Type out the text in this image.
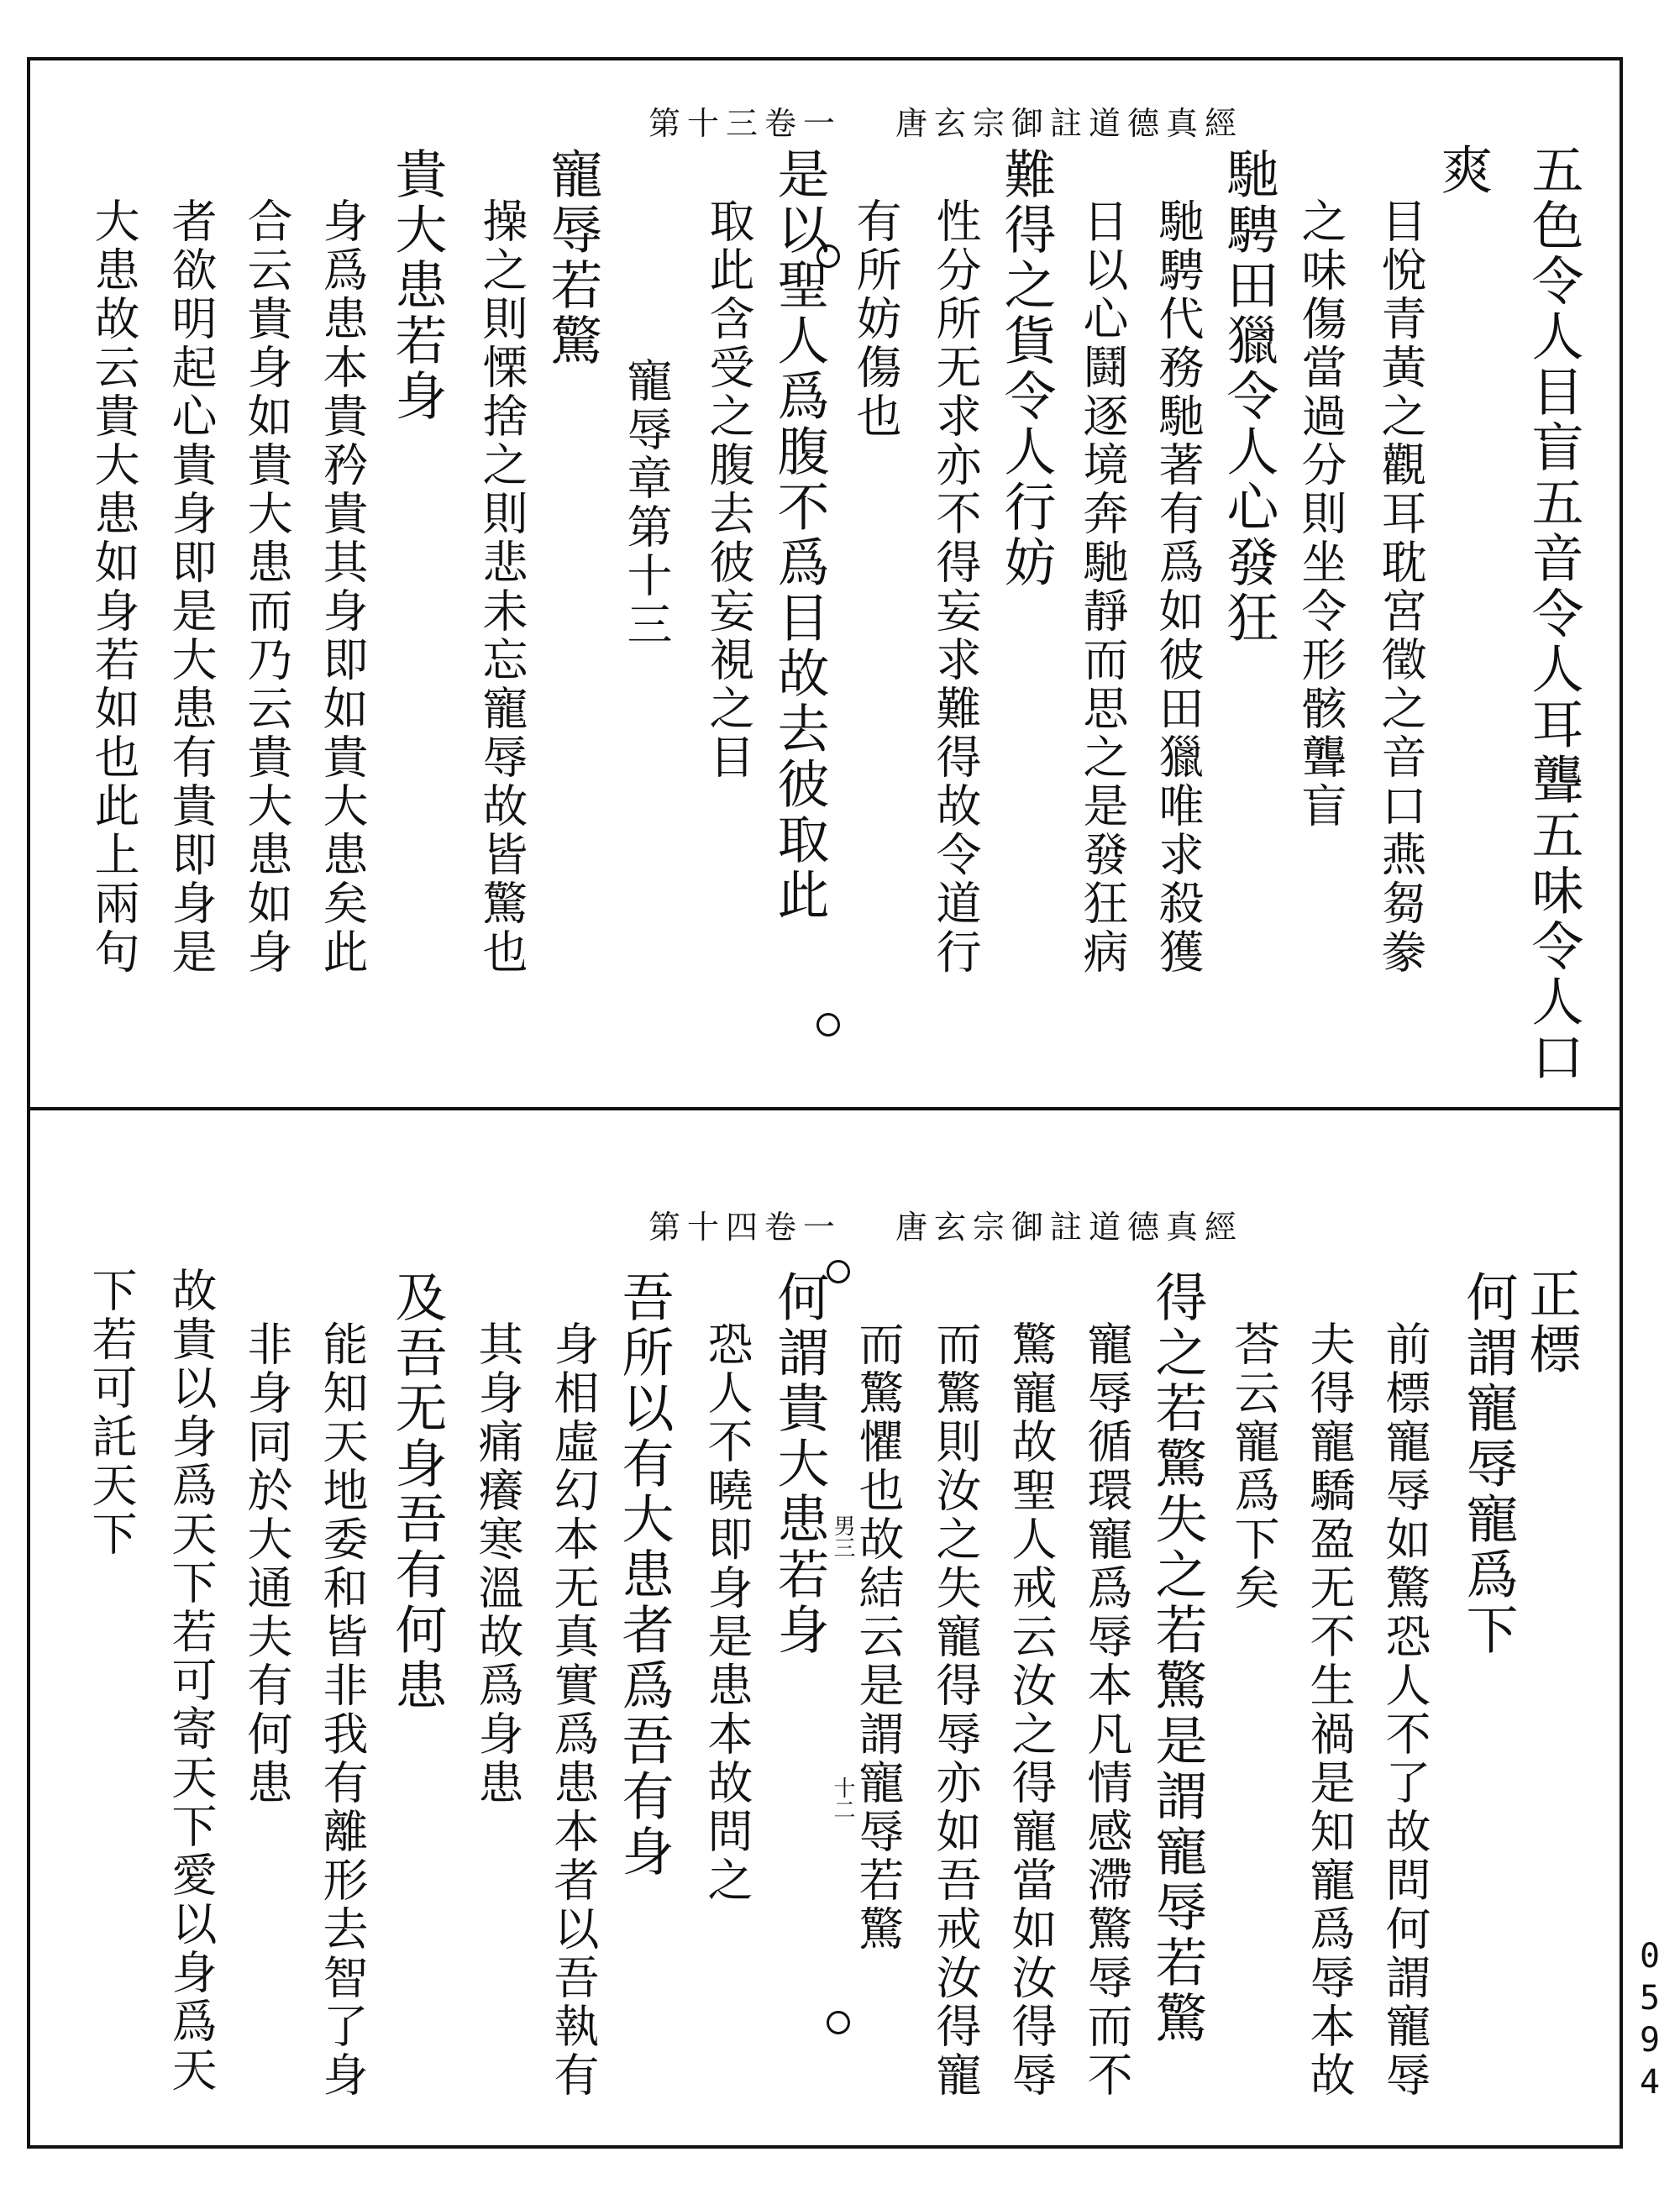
唐玄宗御註道德真經卷一第十三
五色令人目盲五音令人耳聾五味令人口
爽
目悅青黃之觀耳耽宮徵之音口燕芻豢
之味傷當過分則坐令形骸聾盲
馳騁田獵令人心發狂
馳騁代務馳著有爲如彼田獵唯求殺獲
日以心鬪逐境奔馳靜而思之是發狂病
難得之貨令人行妨
性分所无求亦不得妄求難得故令道行
有所妨傷也
是以聖人爲腹不爲目故去彼取此
取此含受之腹去彼妄視之目
寵辱章第十三
寵辱若驚
操之則慄捨之則悲未忘寵辱故皆驚也
貴大患若身
身爲患本貴矜貴其身即如貴大患矣此
合云貴身如貴大患而乃云貴大患如身
者欲明起心貴身即是大患有貴即身是
大患故云貴大患如身若如也此上兩句
唐玄宗御註道德真經卷一第十四
正標
何謂寵辱寵爲下
前標寵辱如驚恐人不了故問何謂寵辱
夫得寵驕盈无不生禍是知寵爲辱本故
荅云寵爲下矣
得之若驚失之若驚是謂寵辱若驚
寵辱循環寵爲辱本凡情感滯驚辱而不
驚寵故聖人戒云汝之得寵當如汝得辱
而驚則汝之失寵得辱亦如吾戒汝得寵
而驚懼也故結云是謂寵辱若驚
何謂貴大患若身
恐人不曉即身是患本故問之
吾所以有大患者爲吾有身
身相虛幻本无真實爲患本者以吾執有
其身痛癢寒溫故爲身患
及吾无身吾有何患
能知天地委和皆非我有離形去智了身
非身同於大通夫有何患
故貴以身爲天下若可寄天下愛以身爲天
下若可託天下	男三
十二
0594
